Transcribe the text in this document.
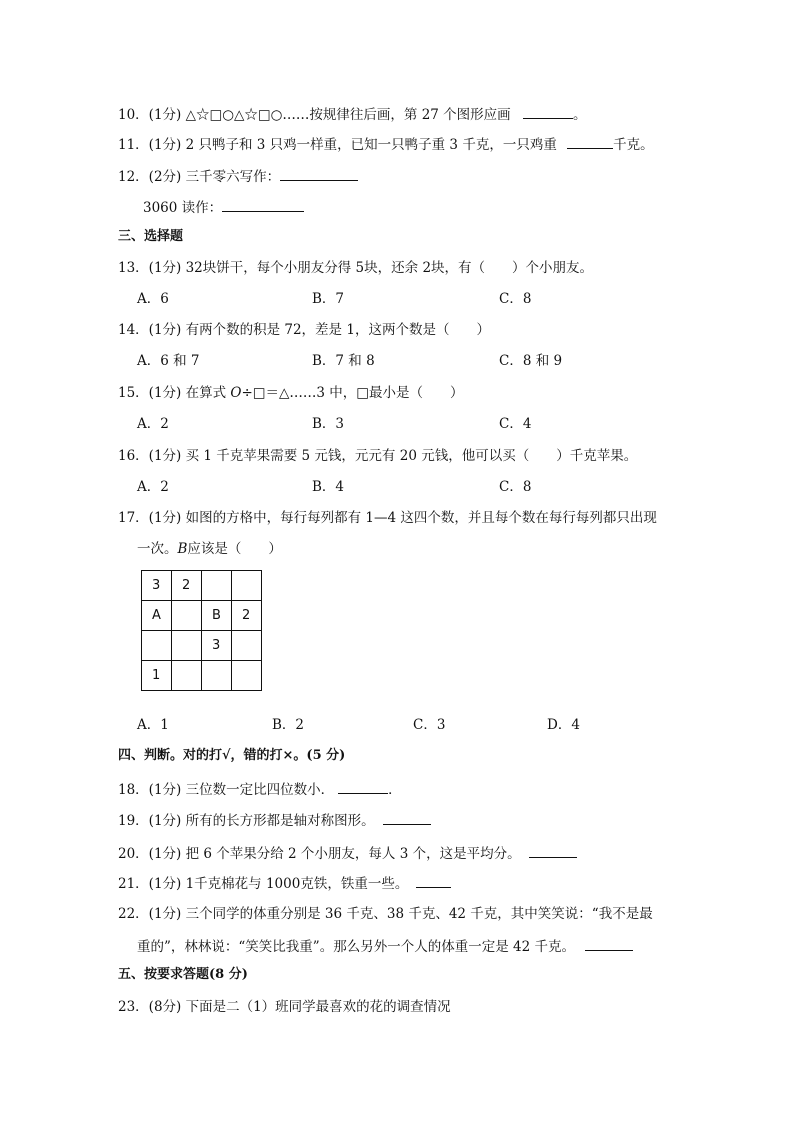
10．(1分) △☆□○△☆□○……按规律往后画，第 27 个图形应画	。
11．(1分) 2 只鸭子和 3 只鸡一样重，已知一只鸭子重 3 千克，一只鸡重	千克。
12．(2分) 三千零六写作：
3060 读作：
三、选择题
13．(1分) 32块饼干，每个小朋友分得 5块，还余 2块，有（　　）个小朋友。
A．6	B．7	C．8
14．(1分) 有两个数的积是 72，差是 1，这两个数是（　　）
A．6 和 7	B．7 和 8	C．8 和 9
15．(1分) 在算式 O÷□＝△……3 中，□最小是（　　）
A．2	B．3	C．4
16．(1分) 买 1 千克苹果需要 5 元钱，元元有 20 元钱，他可以买（　　）千克苹果。
A．2	B．4	C．8
17．(1分) 如图的方格中，每行每列都有 1—4 这四个数，并且每个数在每行每列都只出现
一次。B应该是（　　）
3	2		
A		B	2
		3	
1			
A．1	B．2	C．3	D．4
四、判断。对的打√，错的打×。(5 分)
18．(1分) 三位数一定比四位数小．	．
19．(1分) 所有的长方形都是轴对称图形。
20．(1分) 把 6 个苹果分给 2 个小朋友，每人 3 个，这是平均分。
21．(1分) 1千克棉花与 1000克铁，铁重一些。
22．(1分) 三个同学的体重分别是 36 千克、38 千克、42 千克，其中笑笑说：“我不是最
重的”，林林说：“笑笑比我重”。那么另外一个人的体重一定是 42 千克。
五、按要求答题(8 分)
23．(8分) 下面是二（1）班同学最喜欢的花的调查情况
